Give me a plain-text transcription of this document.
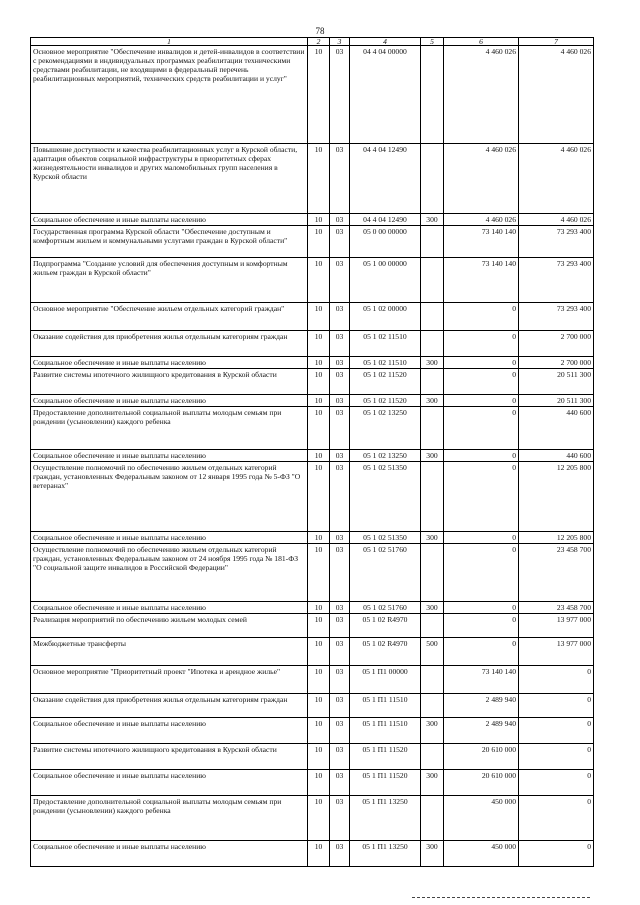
78
1	2	3	4	5	6	7
Основное мероприятие "Обеспечение инвалидов и детей-инвалидов в соответствии с рекомендациями в индивидуальных программах реабилитации техническими средствами реабилитации, не входящими в федеральный перечень реабилитационных мероприятий, технических средств реабилитации и услуг"	10	03	04 4 04 00000		4 460 026	4 460 026
Повышение доступности и качества реабилитационных услуг в Курской области, адаптация объектов социальной инфраструктуры в приоритетных сферах жизнедеятельности инвалидов и других маломобильных групп населения в Курской области	10	03	04 4 04 12490		4 460 026	4 460 026
Социальное обеспечение и иные выплаты населению	10	03	04 4 04 12490	300	4 460 026	4 460 026
Государственная программа Курской области "Обеспечение доступным и комфортным жильем и коммунальными услугами граждан в Курской области"	10	03	05 0 00 00000		73 140 140	73 293 400
Подпрограмма "Создание условий для обеспечения доступным и комфортным жильем граждан в Курской области"	10	03	05 1 00 00000		73 140 140	73 293 400
Основное мероприятие "Обеспечение жильем отдельных категорий граждан"	10	03	05 1 02 00000		0	73 293 400
Оказание содействия для приобретения жилья отдельным категориям граждан	10	03	05 1 02 11510		0	2 700 000
Социальное обеспечение и иные выплаты населению	10	03	05 1 02 11510	300	0	2 700 000
Развитие системы ипотечного жилищного кредитования в Курской области	10	03	05 1 02 11520		0	20 511 300
Социальное обеспечение и иные выплаты населению	10	03	05 1 02 11520	300	0	20 511 300
Предоставление дополнительной социальной выплаты молодым семьям при рождении (усыновлении) каждого ребенка	10	03	05 1 02 13250		0	440 600
Социальное обеспечение и иные выплаты населению	10	03	05 1 02 13250	300	0	440 600
Осуществление полномочий по обеспечению жильем отдельных категорий граждан, установленных Федеральным законом от 12 января 1995 года № 5-ФЗ "О ветеранах"	10	03	05 1 02 51350		0	12 205 800
Социальное обеспечение и иные выплаты населению	10	03	05 1 02 51350	300	0	12 205 800
Осуществление полномочий по обеспечению жильем отдельных категорий граждан, установленных Федеральным законом от 24 ноября 1995 года № 181-ФЗ "О социальной защите инвалидов в Российской Федерации"	10	03	05 1 02 51760		0	23 458 700
Социальное обеспечение и иные выплаты населению	10	03	05 1 02 51760	300	0	23 458 700
Реализация мероприятий по обеспечению жильем молодых семей	10	03	05 1 02 R4970		0	13 977 000
Межбюджетные трансферты	10	03	05 1 02 R4970	500	0	13 977 000
Основное мероприятие "Приоритетный проект "Ипотека и арендное жилье"	10	03	05 1 П1 00000		73 140 140	0
Оказание содействия для приобретения жилья отдельным категориям граждан	10	03	05 1 П1 11510		2 489 940	0
Социальное обеспечение и иные выплаты населению	10	03	05 1 П1 11510	300	2 489 940	0
Развитие системы ипотечного жилищного кредитования в Курской области	10	03	05 1 П1 11520		20 610 000	0
Социальное обеспечение и иные выплаты населению	10	03	05 1 П1 11520	300	20 610 000	0
Предоставление дополнительной социальной выплаты молодым семьям при рождении (усыновлении) каждого ребенка	10	03	05 1 П1 13250		450 000	0
Социальное обеспечение и иные выплаты населению	10	03	05 1 П1 13250	300	450 000	0
